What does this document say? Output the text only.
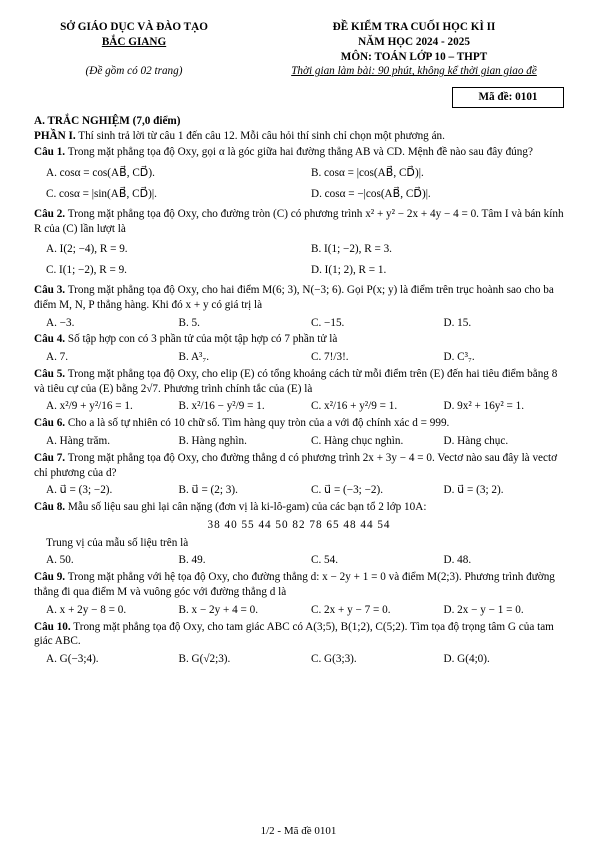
SỞ GIÁO DỤC VÀ ĐÀO TẠO
BẮC GIANG
(Đề gồm có 02 trang)
ĐỀ KIỂM TRA CUỐI HỌC KÌ II
NĂM HỌC 2024 - 2025
MÔN: TOÁN LỚP 10 – THPT
Thời gian làm bài: 90 phút, không kể thời gian giao đề
Mã đề: 0101
A. TRẮC NGHIỆM (7,0 điểm)
PHẦN I. Thí sinh trả lời từ câu 1 đến câu 12. Mỗi câu hỏi thí sinh chỉ chọn một phương án.
Câu 1. Trong mặt phẳng tọa độ Oxy, gọi α là góc giữa hai đường thẳng AB và CD. Mệnh đề nào sau đây đúng?
A. cosα = cos(AB⃗, CD⃗).	B. cosα = |cos(AB⃗, CD⃗)|.
C. cosα = |sin(AB⃗, CD⃗)|.	D. cosα = −|cos(AB⃗, CD⃗)|.
Câu 2. Trong mặt phẳng tọa độ Oxy, cho đường tròn (C) có phương trình x² + y² − 2x + 4y − 4 = 0. Tâm I và bán kính R của (C) lần lượt là
A. I(2; −4), R = 9.	B. I(1; −2), R = 3.
C. I(1; −2), R = 9.	D. I(1; 2), R = 1.
Câu 3. Trong mặt phẳng tọa độ Oxy, cho hai điểm M(6; 3), N(−3; 6). Gọi P(x; y) là điểm trên trục hoành sao cho ba điểm M, N, P thẳng hàng. Khi đó x + y có giá trị là
A. −3.	B. 5.	C. −15.	D. 15.
Câu 4. Số tập hợp con có 3 phần tử của một tập hợp có 7 phần tử là
A. 7.	B. A³₇.	C. 7!/3!.	D. C³₇.
Câu 5. Trong mặt phẳng tọa độ Oxy, cho elip (E) có tổng khoảng cách từ mỗi điểm trên (E) đến hai tiêu điểm bằng 8 và tiêu cự của (E) bằng 2√7. Phương trình chính tắc của (E) là
A. x²/9 + y²/16 = 1.	B. x²/16 − y²/9 = 1.	C. x²/16 + y²/9 = 1.	D. 9x² + 16y² = 1.
Câu 6. Cho a là số tự nhiên có 10 chữ số. Tìm hàng quy tròn của a với độ chính xác d = 999.
A. Hàng trăm.	B. Hàng nghìn.	C. Hàng chục nghìn.	D. Hàng chục.
Câu 7. Trong mặt phẳng tọa độ Oxy, cho đường thẳng d có phương trình 2x + 3y − 4 = 0. Vectơ nào sau đây là vectơ chỉ phương của d?
A. u⃗ = (3; −2).	B. u⃗ = (2; 3).	C. u⃗ = (−3; −2).	D. u⃗ = (3; 2).
Câu 8. Mẫu số liệu sau ghi lại cân nặng (đơn vị là ki-lô-gam) của các bạn tổ 2 lớp 10A:
38 40 55 44 50 82 78 65 48 44 54
Trung vị của mẫu số liệu trên là
A. 50.	B. 49.	C. 54.	D. 48.
Câu 9. Trong mặt phẳng với hệ tọa độ Oxy, cho đường thẳng d: x − 2y + 1 = 0 và điểm M(2;3). Phương trình đường thẳng đi qua điểm M và vuông góc với đường thẳng d là
A. x + 2y − 8 = 0.	B. x − 2y + 4 = 0.	C. 2x + y − 7 = 0.	D. 2x − y − 1 = 0.
Câu 10. Trong mặt phẳng tọa độ Oxy, cho tam giác ABC có A(3;5), B(1;2), C(5;2). Tìm tọa độ trọng tâm G của tam giác ABC.
A. G(−3;4).	B. G(√2;3).	C. G(3;3).	D. G(4;0).
1/2 - Mã đề 0101
